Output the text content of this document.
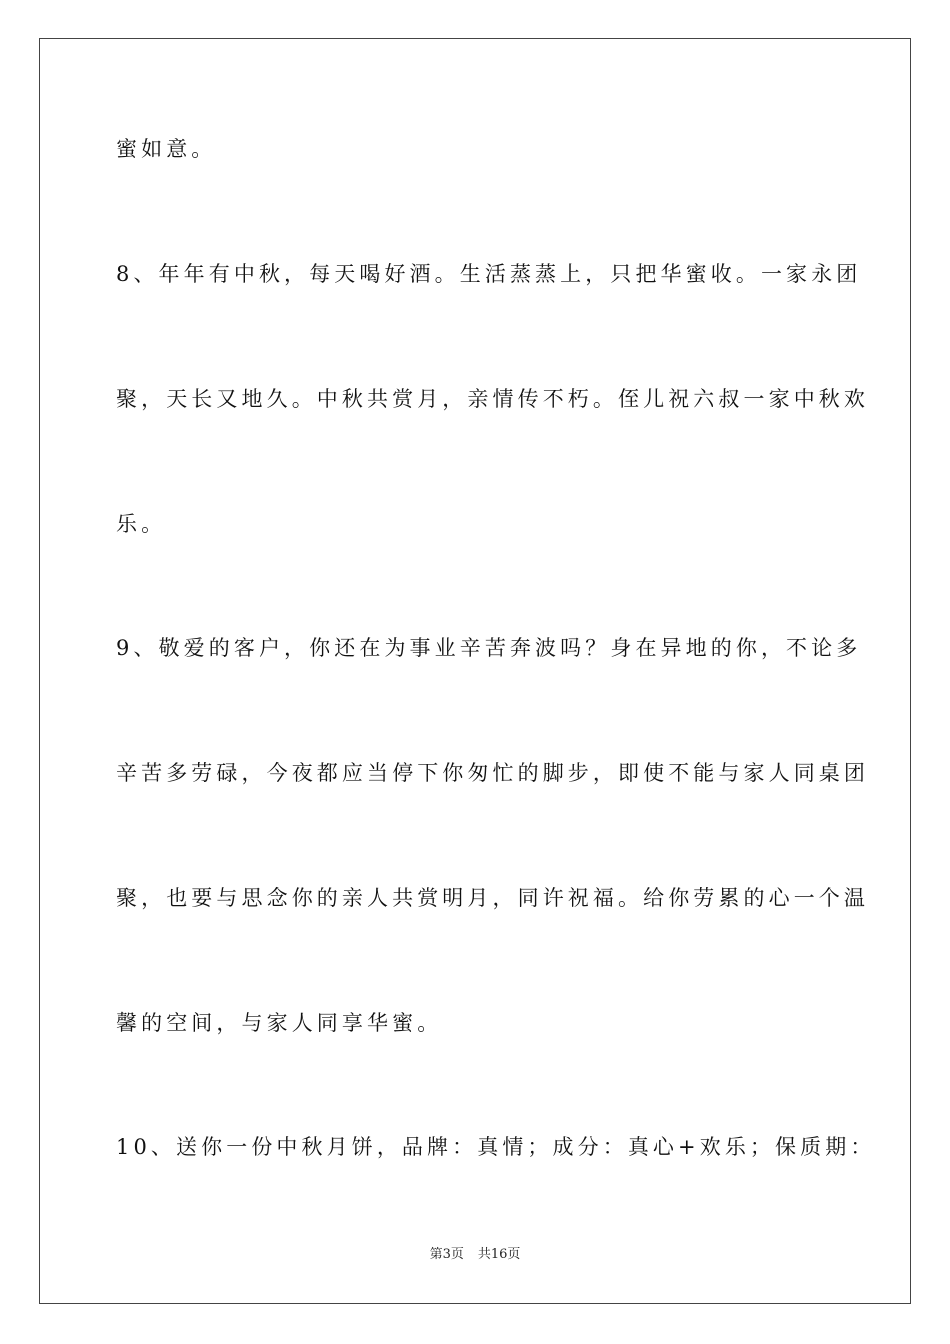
蜜如意。
8、年年有中秋，每天喝好酒。生活蒸蒸上，只把华蜜收。一家永团
聚，天长又地久。中秋共赏月，亲情传不朽。侄儿祝六叔一家中秋欢
乐。
9、敬爱的客户，你还在为事业辛苦奔波吗？身在异地的你，不论多
辛苦多劳碌，今夜都应当停下你匆忙的脚步，即使不能与家人同桌团
聚，也要与思念你的亲人共赏明月，同许祝福。给你劳累的心一个温
馨的空间，与家人同享华蜜。
10、送你一份中秋月饼，品牌：真情；成分：真心+欢乐；保质期：
第3页 共16页
